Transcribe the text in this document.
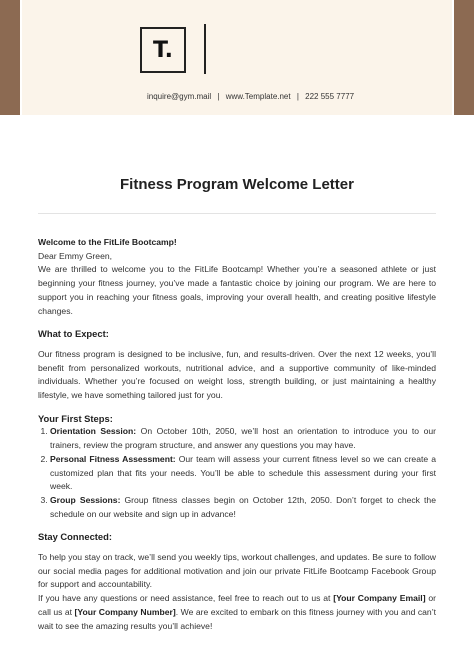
T.
inquire@gym.mail | www.Template.net | 222 555 7777
Fitness Program Welcome Letter

Welcome to the FitLife Bootcamp!

Dear Emmy Green,

We are thrilled to welcome you to the FitLife Bootcamp! Whether you’re a seasoned athlete or just beginning your fitness journey, you’ve made a fantastic choice by joining our program. We are here to support you in reaching your fitness goals, improving your overall health, and creating positive lifestyle changes.

What to Expect:

Our fitness program is designed to be inclusive, fun, and results-driven. Over the next 12 weeks, you’ll benefit from personalized workouts, nutritional advice, and a supportive community of like-minded individuals. Whether you’re focused on weight loss, strength building, or just maintaining a healthy lifestyle, we have something tailored just for you.

Your First Steps:

1. Orientation Session: On October 10th, 2050, we’ll host an orientation to introduce you to our trainers, review the program structure, and answer any questions you may have.
2. Personal Fitness Assessment: Our team will assess your current fitness level so we can create a customized plan that fits your needs. You’ll be able to schedule this assessment during your first week.
3. Group Sessions: Group fitness classes begin on October 12th, 2050. Don’t forget to check the schedule on our website and sign up in advance!

Stay Connected:

To help you stay on track, we’ll send you weekly tips, workout challenges, and updates. Be sure to follow our social media pages for additional motivation and join our private FitLife Bootcamp Facebook Group for support and accountability.

If you have any questions or need assistance, feel free to reach out to us at [Your Company Email] or call us at [Your Company Number]. We are excited to embark on this fitness journey with you and can’t wait to see the amazing results you’ll achieve!
